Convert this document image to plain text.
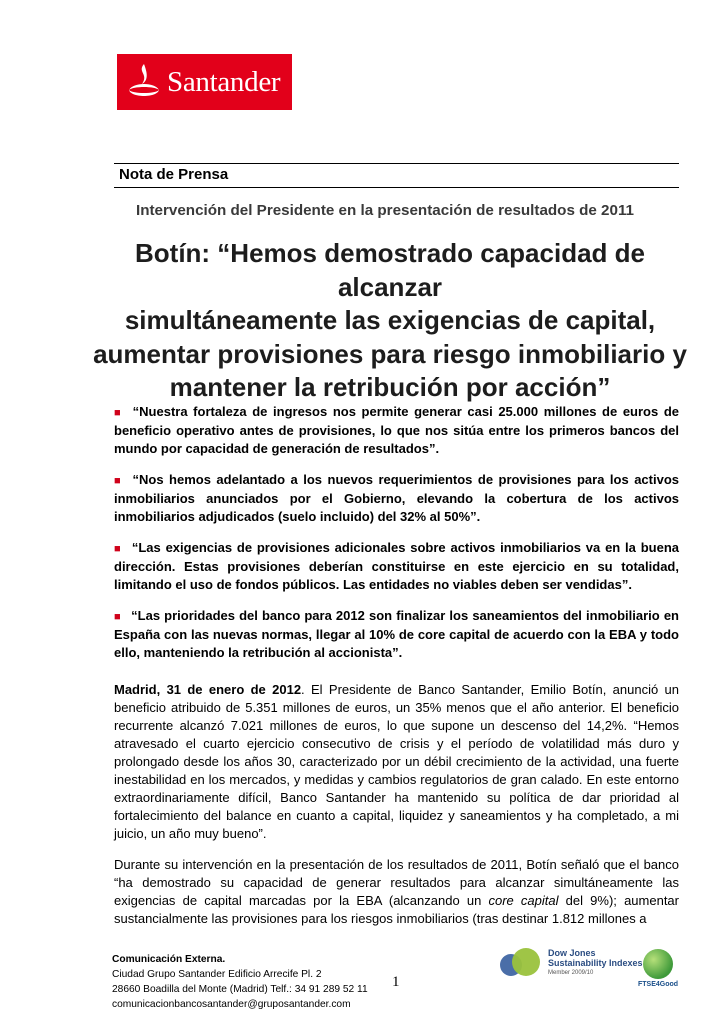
Santander
Nota de Prensa
Intervención del Presidente en la presentación de resultados de 2011
Botín: “Hemos demostrado capacidad de alcanzar
simultáneamente las exigencias de capital,
aumentar provisiones para riesgo inmobiliario y
mantener la retribución por acción”

■ “Nuestra fortaleza de ingresos nos permite generar casi 25.000 millones de euros de beneficio operativo antes de provisiones, lo que nos sitúa entre los primeros bancos del mundo por capacidad de generación de resultados”.

■ “Nos hemos adelantado a los nuevos requerimientos de provisiones para los activos inmobiliarios anunciados por el Gobierno, elevando la cobertura de los activos inmobiliarios adjudicados (suelo incluido) del 32% al 50%”.

■ “Las exigencias de provisiones adicionales sobre activos inmobiliarios va en la buena dirección. Estas provisiones deberían constituirse en este ejercicio en su totalidad, limitando el uso de fondos públicos. Las entidades no viables deben ser vendidas”.

■ “Las prioridades del banco para 2012 son finalizar los saneamientos del inmobiliario en España con las nuevas normas, llegar al 10% de core capital de acuerdo con la EBA y todo ello, manteniendo la retribución al accionista”.

Madrid, 31 de enero de 2012. El Presidente de Banco Santander, Emilio Botín, anunció un beneficio atribuido de 5.351 millones de euros, un 35% menos que el año anterior. El beneficio recurrente alcanzó 7.021 millones de euros, lo que supone un descenso del 14,2%. “Hemos atravesado el cuarto ejercicio consecutivo de crisis y el período de volatilidad más duro y prolongado desde los años 30, caracterizado por un débil crecimiento de la actividad, una fuerte inestabilidad en los mercados, y medidas y cambios regulatorios de gran calado. En este entorno extraordinariamente difícil, Banco Santander ha mantenido su política de dar prioridad al fortalecimiento del balance en cuanto a capital, liquidez y saneamientos y ha completado, a mi juicio, un año muy bueno”.

Durante su intervención en la presentación de los resultados de 2011, Botín señaló que el banco “ha demostrado su capacidad de generar resultados para alcanzar simultáneamente las exigencias de capital marcadas por la EBA (alcanzando un core capital del 9%); aumentar sustancialmente las provisiones para los riesgos inmobiliarios (tras destinar 1.812 millones a

Comunicación Externa.
Ciudad Grupo Santander Edificio Arrecife Pl. 2
28660 Boadilla del Monte (Madrid) Telf.: 34 91 289 52 11
comunicacionbancosantander@gruposantander.com
1
Dow Jones
Sustainability Indexes
Member 2009/10
FTSE4Good
